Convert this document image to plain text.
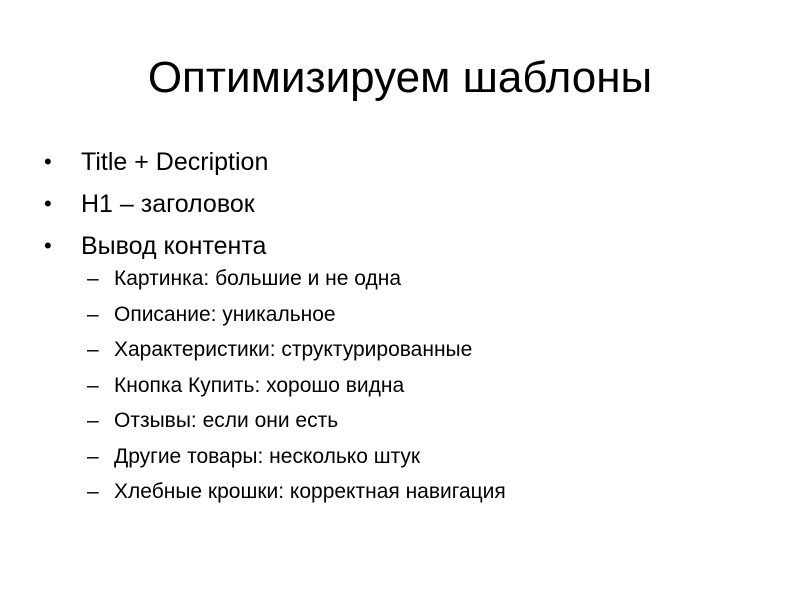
Оптимизируем шаблоны
• Title + Decription
• H1 – заголовок
• Вывод контента
– Картинка: большие и не одна
– Описание: уникальное
– Характеристики: структурированные
– Кнопка Купить: хорошо видна
– Отзывы: если они есть
– Другие товары: несколько штук
– Хлебные крошки: корректная навигация
